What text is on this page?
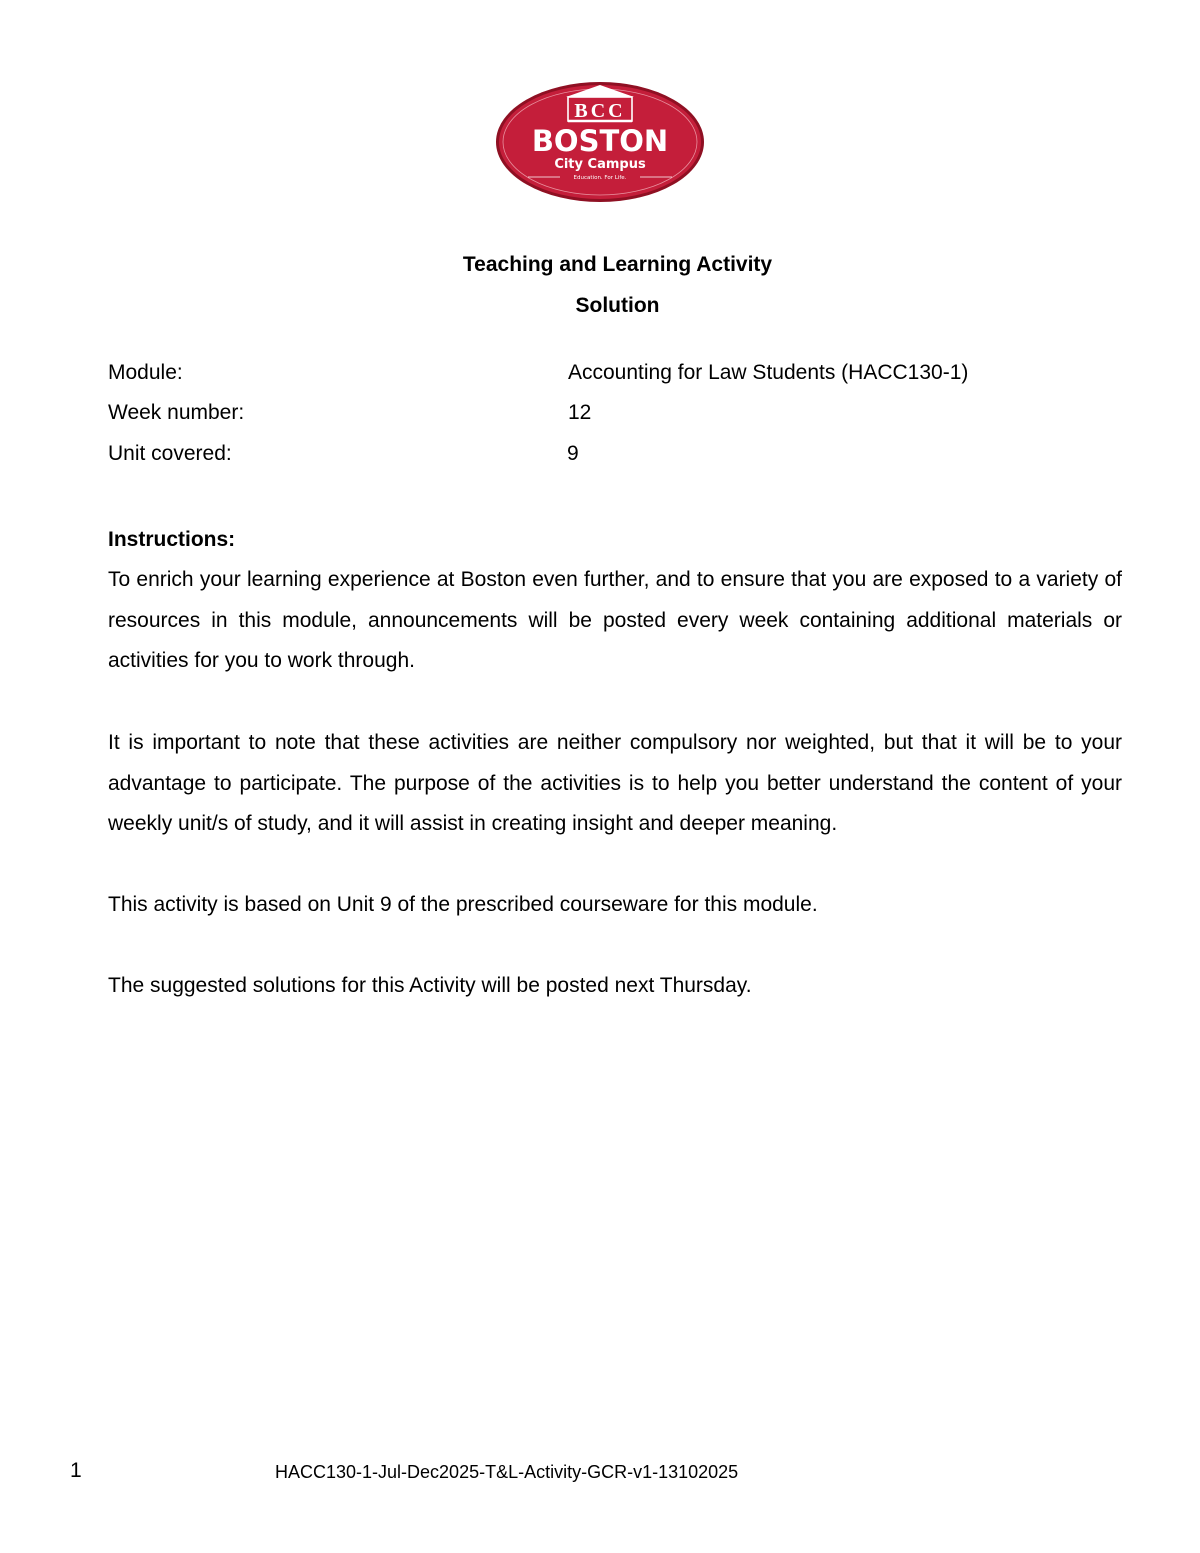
BCC
BOSTON
City Campus
Education. For Life.
Teaching and Learning Activity
Solution
Module:	Accounting for Law Students (HACC130-1)
Week number:	12
Unit covered:	9
Instructions:

To enrich your learning experience at Boston even further, and to ensure that you are exposed to a variety of resources in this module, announcements will be posted every week containing additional materials or activities for you to work through.

It is important to note that these activities are neither compulsory nor weighted, but that it will be to your advantage to participate. The purpose of the activities is to help you better understand the content of your weekly unit/s of study, and it will assist in creating insight and deeper meaning.

This activity is based on Unit 9 of the prescribed courseware for this module.

The suggested solutions for this Activity will be posted next Thursday.

1	HACC130-1-Jul-Dec2025-T&L-Activity-GCR-v1-13102025
